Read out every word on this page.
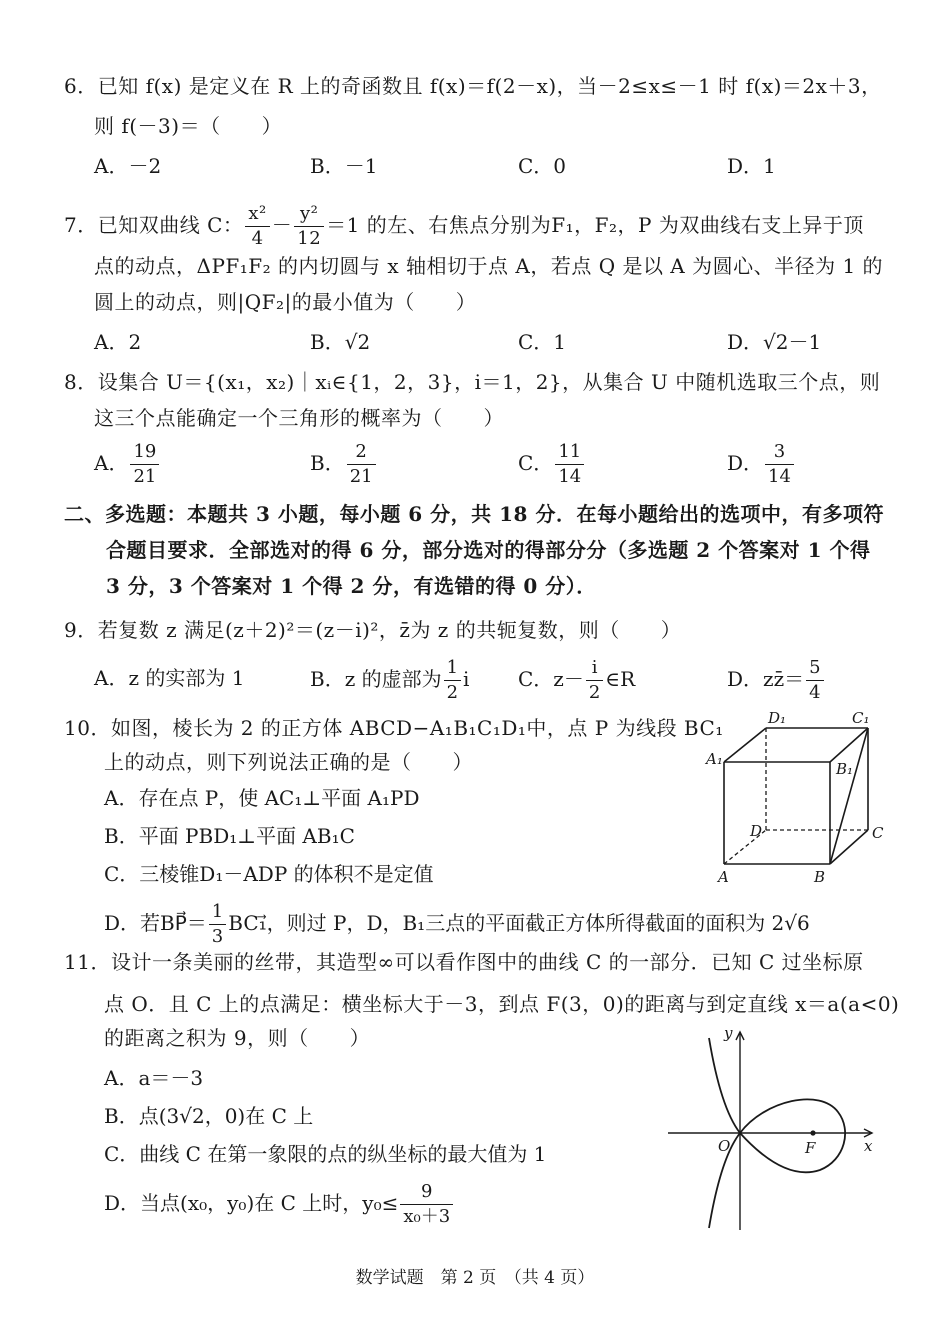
6．已知 f(x) 是定义在 R 上的奇函数且 f(x)＝f(2－x)，当－2≤x≤－1 时 f(x)＝2x＋3，
则 f(－3)＝（　　）
A．－2	B．－1	C．0	D．1
7．已知双曲线 C： $\frac{\text{x²}}{4} - \frac{\text{y²}}{12} =1$ 的左、右焦点分别为F₁，F₂，P 为双曲线右支上异于顶
点的动点，ΔPF₁F₂ 的内切圆与 x 轴相切于点 A，若点 Q 是以 A 为圆心、半径为 1 的
圆上的动点，则|QF₂|的最小值为（　　）
A．2	B．√2	C．1	D．√2－1
8．设集合 U＝{(x₁，x₂)｜xᵢ∈{1，2，3}，i＝1，2}，从集合 U 中随机选取三个点，则
这三个点能确定一个三角形的概率为（　　）
A． $\frac{19}{21}$	B． $\frac{2}{21}$	C． $\frac{11}{14}$	D． $\frac{3}{14}$
二、多选题：本题共 3 小题，每小题 6 分，共 18 分．在每小题给出的选项中，有多项符
合题目要求．全部选对的得 6 分，部分选对的得部分分（多选题 2 个答案对 1 个得
3 分，3 个答案对 1 个得 2 分，有选错的得 0 分）．
9．若复数 z 满足(z＋2)²＝(z－i)²，z̄为 z 的共轭复数，则（　　）
A．z 的实部为 1	B．z 的虚部为 $\frac{1}{2}$ i C．$z- \frac{i}{2}$ ∈R	D．zz̄＝ $\frac{5}{4}$
10．如图，棱长为 2 的正方体 ABCD−A₁B₁C₁D₁中，点 P 为线段 BC₁
上的动点，则下列说法正确的是（　　）
A．存在点 P，使 AC₁⊥平面 A₁PD
B．平面 PBD₁⊥平面 AB₁C
C．三棱锥D₁－ADP 的体积不是定值
D．若BP⃗＝ $\frac{1}{3}$ BC₁⃗，则过 P，D，B₁三点的平面截正方体所得截面的面积为 2√6
D₁	C₁
A₁
B₁
D	C
A	B
11．设计一条美丽的丝带，其造型∞可以看作图中的曲线 C 的一部分．已知 C 过坐标原
点 O．且 C 上的点满足：横坐标大于－3，到点 F(3，0)的距离与到定直线 x＝a(a<0)
的距离之积为 9，则（　　）
A．a＝－3
B．点(3√2，0)在 C 上
C．曲线 C 在第一象限的点的纵坐标的最大值为 1
D．当点(x₀，y₀)在 C 上时，$y_0\le \frac{9}{\text{x₀＋3}}$
y
x
O	F
数学试题　第 2 页　（共 4 页）
